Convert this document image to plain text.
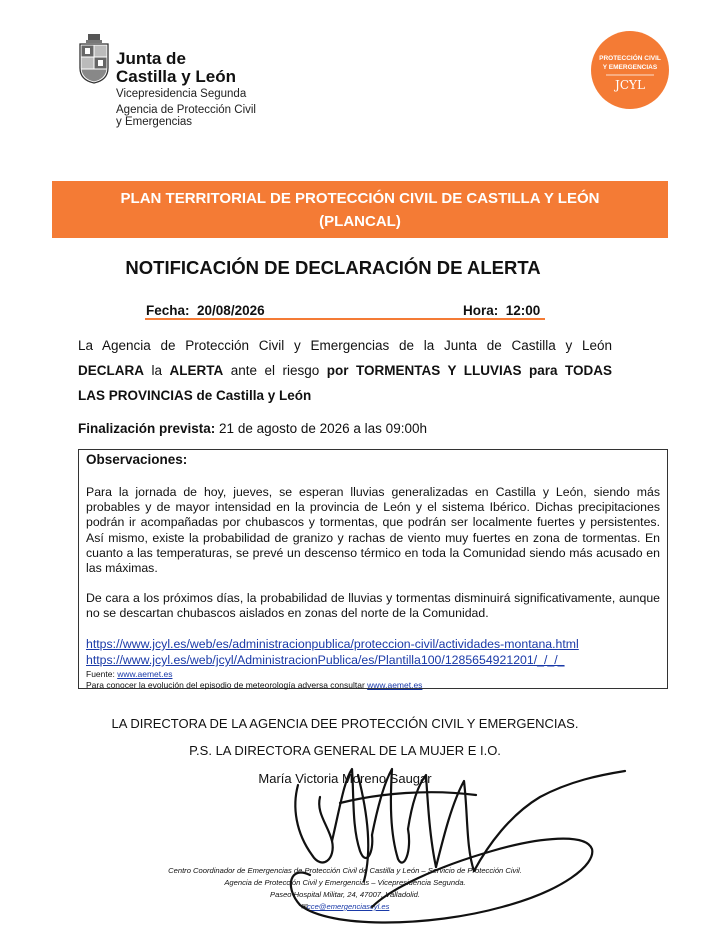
Junta de
Castilla y León
Vicepresidencia Segunda
Agencia de Protección Civil
y Emergencias
PROTECCIÓN CIVIL
Y EMERGENCIAS
JCYL
PLAN TERRITORIAL DE PROTECCIÓN CIVIL DE CASTILLA Y LEÓN
(PLANCAL)
NOTIFICACIÓN DE DECLARACIÓN DE ALERTA
Fecha: 20/08/2026	Hora: 12:00
La Agencia de Protección Civil y Emergencias de la Junta de Castilla y León
DECLARA la ALERTA ante el riesgo por TORMENTAS Y LLUVIAS para TODAS
LAS PROVINCIAS de Castilla y León
Finalización prevista: 21 de agosto de 2026 a las 09:00h
Observaciones:
Para la jornada de hoy, jueves, se esperan lluvias generalizadas en Castilla y León, siendo más probables y de mayor intensidad en la provincia de León y el sistema Ibérico. Dichas precipitaciones podrán ir acompañadas por chubascos y tormentas, que podrán ser localmente fuertes y persistentes. Así mismo, existe la probabilidad de granizo y rachas de viento muy fuertes en zona de tormentas. En cuanto a las temperaturas, se prevé un descenso térmico en toda la Comunidad siendo más acusado en las máximas.
De cara a los próximos días, la probabilidad de lluvias y tormentas disminuirá significativamente, aunque no se descartan chubascos aislados en zonas del norte de la Comunidad.
https://www.jcyl.es/web/es/administracionpublica/proteccion-civil/actividades-montana.html
https://www.jcyl.es/web/jcyl/AdministracionPublica/es/Plantilla100/1285654921201/_/_/_
Fuente: www.aemet.es
Para conocer la evolución del episodio de meteorología adversa consultar www.aemet.es
LA DIRECTORA DE LA AGENCIA DEE PROTECCIÓN CIVIL Y EMERGENCIAS.
P.S. LA DIRECTORA GENERAL DE LA MUJER E I.O.
María Victoria Moreno Saugar
Centro Coordinador de Emergencias de Protección Civil de Castilla y León – Servicio de Protección Civil.
Agencia de Protección Civil y Emergencias – Vicepresidencia Segunda.
Paseo Hospital Militar, 24, 47007, Valladolid.
✉cce@emergenciascyl.es
